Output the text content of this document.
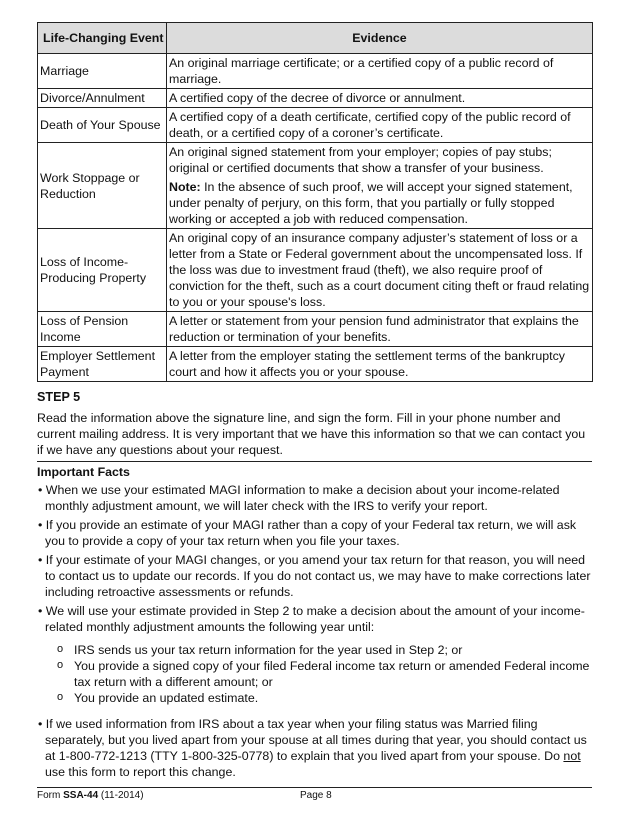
Life-Changing Event	Evidence
Marriage	An original marriage certificate; or a certified copy of a public record of marriage.
Divorce/Annulment	A certified copy of the decree of divorce or annulment.
Death of Your Spouse	A certified copy of a death certificate, certified copy of the public record of death, or a certified copy of a coroner’s certificate.
Work Stoppage or Reduction	An original signed statement from your employer; copies of pay stubs; original or certified documents that show a transfer of your business.
Note: In the absence of such proof, we will accept your signed statement, under penalty of perjury, on this form, that you partially or fully stopped working or accepted a job with reduced compensation.

Loss of Income-Producing Property	An original copy of an insurance company adjuster’s statement of loss or a letter from a State or Federal government about the uncompensated loss. If the loss was due to investment fraud (theft), we also require proof of conviction for the theft, such as a court document citing theft or fraud relating to you or your spouse's loss.
Loss of Pension Income	A letter or statement from your pension fund administrator that explains the reduction or termination of your benefits.
Employer Settlement Payment	A letter from the employer stating the settlement terms of the bankruptcy court and how it affects you or your spouse.
STEP 5
Read the information above the signature line, and sign the form. Fill in your phone number and current mailing address. It is very important that we have this information so that we can contact you if we have any questions about your request.
Important Facts
• When we use your estimated MAGI information to make a decision about your income-related monthly adjustment amount, we will later check with the IRS to verify your report.
• If you provide an estimate of your MAGI rather than a copy of your Federal tax return, we will ask you to provide a copy of your tax return when you file your taxes.
• If your estimate of your MAGI changes, or you amend your tax return for that reason, you will need to contact us to update our records. If you do not contact us, we may have to make corrections later including retroactive assessments or refunds.
• We will use your estimate provided in Step 2 to make a decision about the amount of your income-related monthly adjustment amounts the following year until:
o IRS sends us your tax return information for the year used in Step 2; or
o You provide a signed copy of your filed Federal income tax return or amended Federal income tax return with a different amount; or
o You provide an updated estimate.
• If we used information from IRS about a tax year when your filing status was Married filing separately, but you lived apart from your spouse at all times during that year, you should contact us at 1-800-772-1213 (TTY 1-800-325-0778) to explain that you lived apart from your spouse. Do not use this form to report this change.
Form SSA-44 (11-2014)	Page 8
